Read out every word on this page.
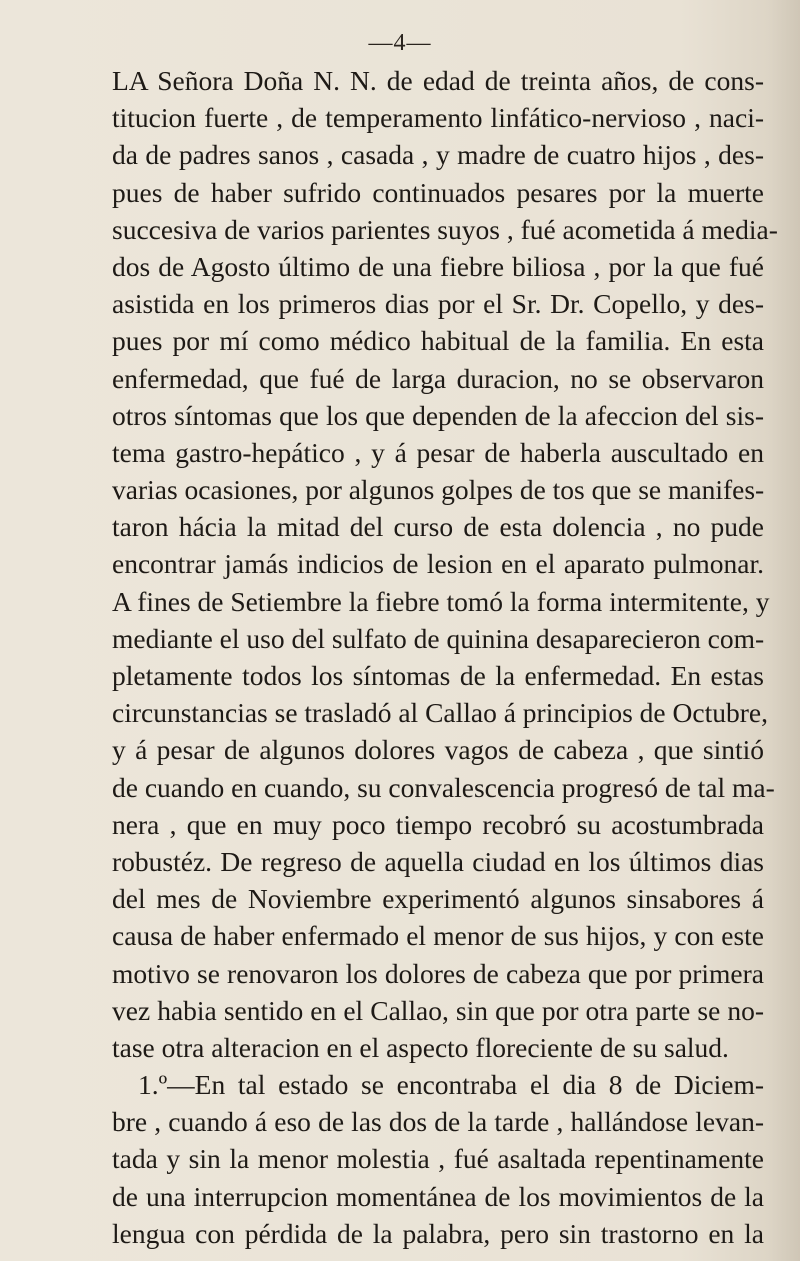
—4—
LA Señora Doña N. N. de edad de treinta años, de cons-
titucion fuerte , de temperamento linfático-nervioso , naci-
da de padres sanos , casada , y madre de cuatro hijos , des-
pues de haber sufrido continuados pesares por la muerte
succesiva de varios parientes suyos , fué acometida á media-
dos de Agosto último de una fiebre biliosa , por la que fué
asistida en los primeros dias por el Sr. Dr. Copello, y des-
pues por mí como médico habitual de la familia. En esta
enfermedad, que fué de larga duracion, no se observaron
otros síntomas que los que dependen de la afeccion del sis-
tema gastro-hepático , y á pesar de haberla auscultado en
varias ocasiones, por algunos golpes de tos que se manifes-
taron hácia la mitad del curso de esta dolencia , no pude
encontrar jamás indicios de lesion en el aparato pulmonar.
A fines de Setiembre la fiebre tomó la forma intermitente, y
mediante el uso del sulfato de quinina desaparecieron com-
pletamente todos los síntomas de la enfermedad. En estas
circunstancias se trasladó al Callao á principios de Octubre,
y á pesar de algunos dolores vagos de cabeza , que sintió
de cuando en cuando, su convalescencia progresó de tal ma-
nera , que en muy poco tiempo recobró su acostumbrada
robustéz. De regreso de aquella ciudad en los últimos dias
del mes de Noviembre experimentó algunos sinsabores á
causa de haber enfermado el menor de sus hijos, y con este
motivo se renovaron los dolores de cabeza que por primera
vez habia sentido en el Callao, sin que por otra parte se no-
tase otra alteracion en el aspecto floreciente de su salud.
1.º—En tal estado se encontraba el dia 8 de Diciem-
bre , cuando á eso de las dos de la tarde , hallándose levan-
tada y sin la menor molestia , fué asaltada repentinamente
de una interrupcion momentánea de los movimientos de la
lengua con pérdida de la palabra, pero sin trastorno en la
